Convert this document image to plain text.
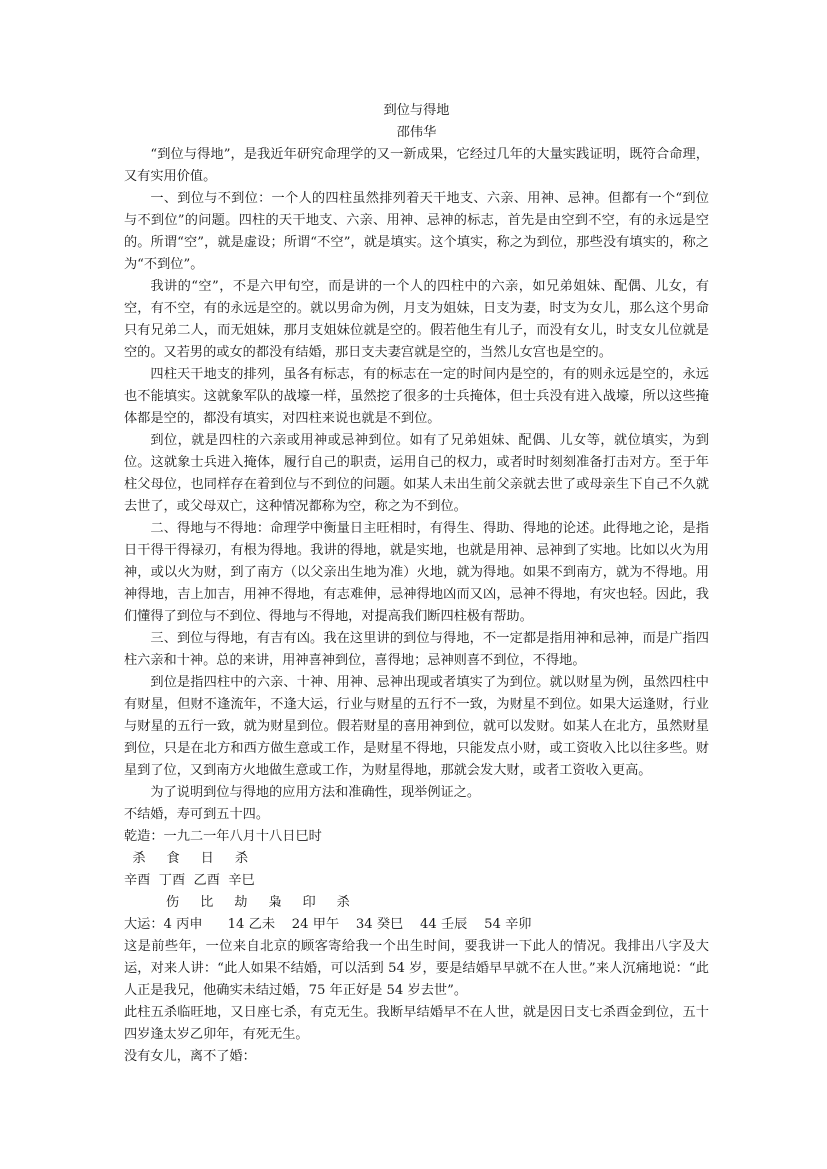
到位与得地

邵伟华

“到位与得地”，是我近年研究命理学的又一新成果，它经过几年的大量实践证明，既符合命理，又有实用价值。

一、到位与不到位：一个人的四柱虽然排列着天干地支、六亲、用神、忌神。但都有一个“到位与不到位”的问题。四柱的天干地支、六亲、用神、忌神的标志，首先是由空到不空，有的永远是空的。所谓“空”，就是虚设；所谓“不空”，就是填实。这个填实，称之为到位，那些没有填实的，称之为“不到位”。

我讲的“空”，不是六甲旬空，而是讲的一个人的四柱中的六亲，如兄弟姐妹、配偶、儿女，有空，有不空，有的永远是空的。就以男命为例，月支为姐妹，日支为妻，时支为女儿，那么这个男命只有兄弟二人，而无姐妹，那月支姐妹位就是空的。假若他生有儿子，而没有女儿，时支女儿位就是空的。又若男的或女的都没有结婚，那日支夫妻宫就是空的，当然儿女宫也是空的。

四柱天干地支的排列，虽各有标志，有的标志在一定的时间内是空的，有的则永远是空的，永远也不能填实。这就象军队的战壕一样，虽然挖了很多的士兵掩体，但士兵没有进入战壕，所以这些掩体都是空的，都没有填实，对四柱来说也就是不到位。

到位，就是四柱的六亲或用神或忌神到位。如有了兄弟姐妹、配偶、儿女等，就位填实，为到位。这就象士兵进入掩体，履行自己的职责，运用自己的权力，或者时时刻刻准备打击对方。至于年柱父母位，也同样存在着到位与不到位的问题。如某人未出生前父亲就去世了或母亲生下自己不久就去世了，或父母双亡，这种情况都称为空，称之为不到位。

二、得地与不得地：命理学中衡量日主旺相时，有得生、得助、得地的论述。此得地之论，是指日干得干得禄刃，有根为得地。我讲的得地，就是实地，也就是用神、忌神到了实地。比如以火为用神，或以火为财，到了南方（以父亲出生地为准）火地，就为得地。如果不到南方，就为不得地。用神得地，吉上加吉，用神不得地，有志难伸，忌神得地凶而又凶，忌神不得地，有灾也轻。因此，我们懂得了到位与不到位、得地与不得地，对提高我们断四柱极有帮助。

三、到位与得地，有吉有凶。我在这里讲的到位与得地，不一定都是指用神和忌神，而是广指四柱六亲和十神。总的来讲，用神喜神到位，喜得地；忌神则喜不到位，不得地。

到位是指四柱中的六亲、十神、用神、忌神出现或者填实了为到位。就以财星为例，虽然四柱中有财星，但财不逢流年，不逢大运，行业与财星的五行不一致，为财星不到位。如果大运逢财，行业与财星的五行一致，就为财星到位。假若财星的喜用神到位，就可以发财。如某人在北方，虽然财星到位，只是在北方和西方做生意或工作，是财星不得地，只能发点小财，或工资收入比以往多些。财星到了位，又到南方火地做生意或工作，为财星得地，那就会发大财，或者工资收入更高。

为了说明到位与得地的应用方法和准确性，现举例证之。

不结婚，寿可到五十四。

乾造：一九二一年八月十八日巳时

杀     食     日     杀

辛酉  丁酉  乙酉  辛巳

伤     比     劫     枭     印     杀

大运：4 丙申      14 乙未    24 甲午    34 癸巳    44 壬辰    54 辛卯

这是前些年，一位来自北京的顾客寄给我一个出生时间，要我讲一下此人的情况。我排出八字及大运，对来人讲：“此人如果不结婚，可以活到 54 岁，要是结婚早早就不在人世。”来人沉痛地说：“此人正是我兄，他确实未结过婚，75 年正好是 54 岁去世”。

此柱五杀临旺地，又日座七杀，有克无生。我断早结婚早不在人世，就是因日支七杀酉金到位，五十四岁逢太岁乙卯年，有死无生。

没有女儿，离不了婚：
